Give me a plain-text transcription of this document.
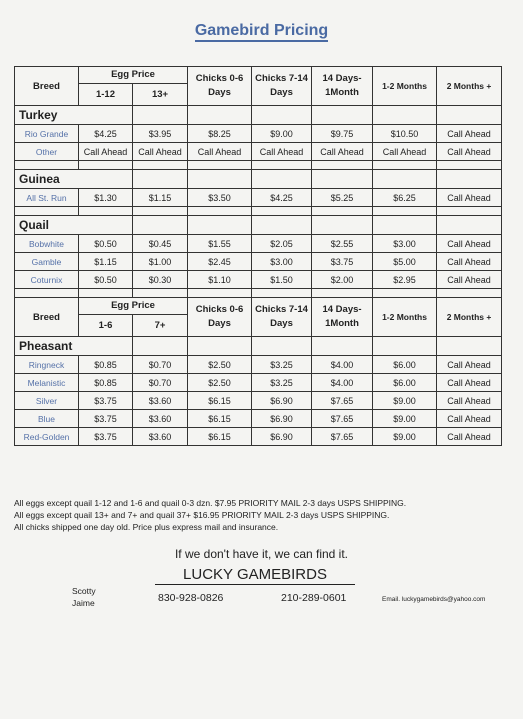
Gamebird Pricing
Breed	Egg Price		Chicks 0-6 Days	Chicks 7-14 Days	14 Days-1Month	1-2 Months	2 Months +
	1-12	13+					
Turkey							
Rio Grande	$4.25	$3.95	$8.25	$9.00	$9.75	$10.50	Call Ahead
Other	Call Ahead	Call Ahead	Call Ahead	Call Ahead	Call Ahead	Call Ahead	Call Ahead

Guinea							
All St. Run	$1.30	$1.15	$3.50	$4.25	$5.25	$6.25	Call Ahead

Quail							
Bobwhite	$0.50	$0.45	$1.55	$2.05	$2.55	$3.00	Call Ahead
Gamble	$1.15	$1.00	$2.45	$3.00	$3.75	$5.00	Call Ahead
Coturnix	$0.50	$0.30	$1.10	$1.50	$2.00	$2.95	Call Ahead

Breed	Egg Price		Chicks 0-6 Days	Chicks 7-14 Days	14 Days-1Month	1-2 Months	2 Months +
	1-6	7+					
Pheasant							
Ringneck	$0.85	$0.70	$2.50	$3.25	$4.00	$6.00	Call Ahead
Melanistic	$0.85	$0.70	$2.50	$3.25	$4.00	$6.00	Call Ahead
Silver	$3.75	$3.60	$6.15	$6.90	$7.65	$9.00	Call Ahead
Blue	$3.75	$3.60	$6.15	$6.90	$7.65	$9.00	Call Ahead
Red-Golden	$3.75	$3.60	$6.15	$6.90	$7.65	$9.00	Call Ahead
All eggs except quail 1-12 and 1-6 and quail 0-3 dzn. $7.95 PRIORITY MAIL 2-3 days USPS SHIPPING.
All eggs except quail 13+ and 7+ and quail 37+ $16.95 PRIORITY MAIL 2-3 days USPS SHIPPING.
All chicks shipped one day old. Price plus express mail and insurance.
If we don't have it, we can find it.
LUCKY GAMEBIRDS
Scotty
Jaime	830-928-0826	210-289-0601	Email. luckygamebirds@yahoo.com
